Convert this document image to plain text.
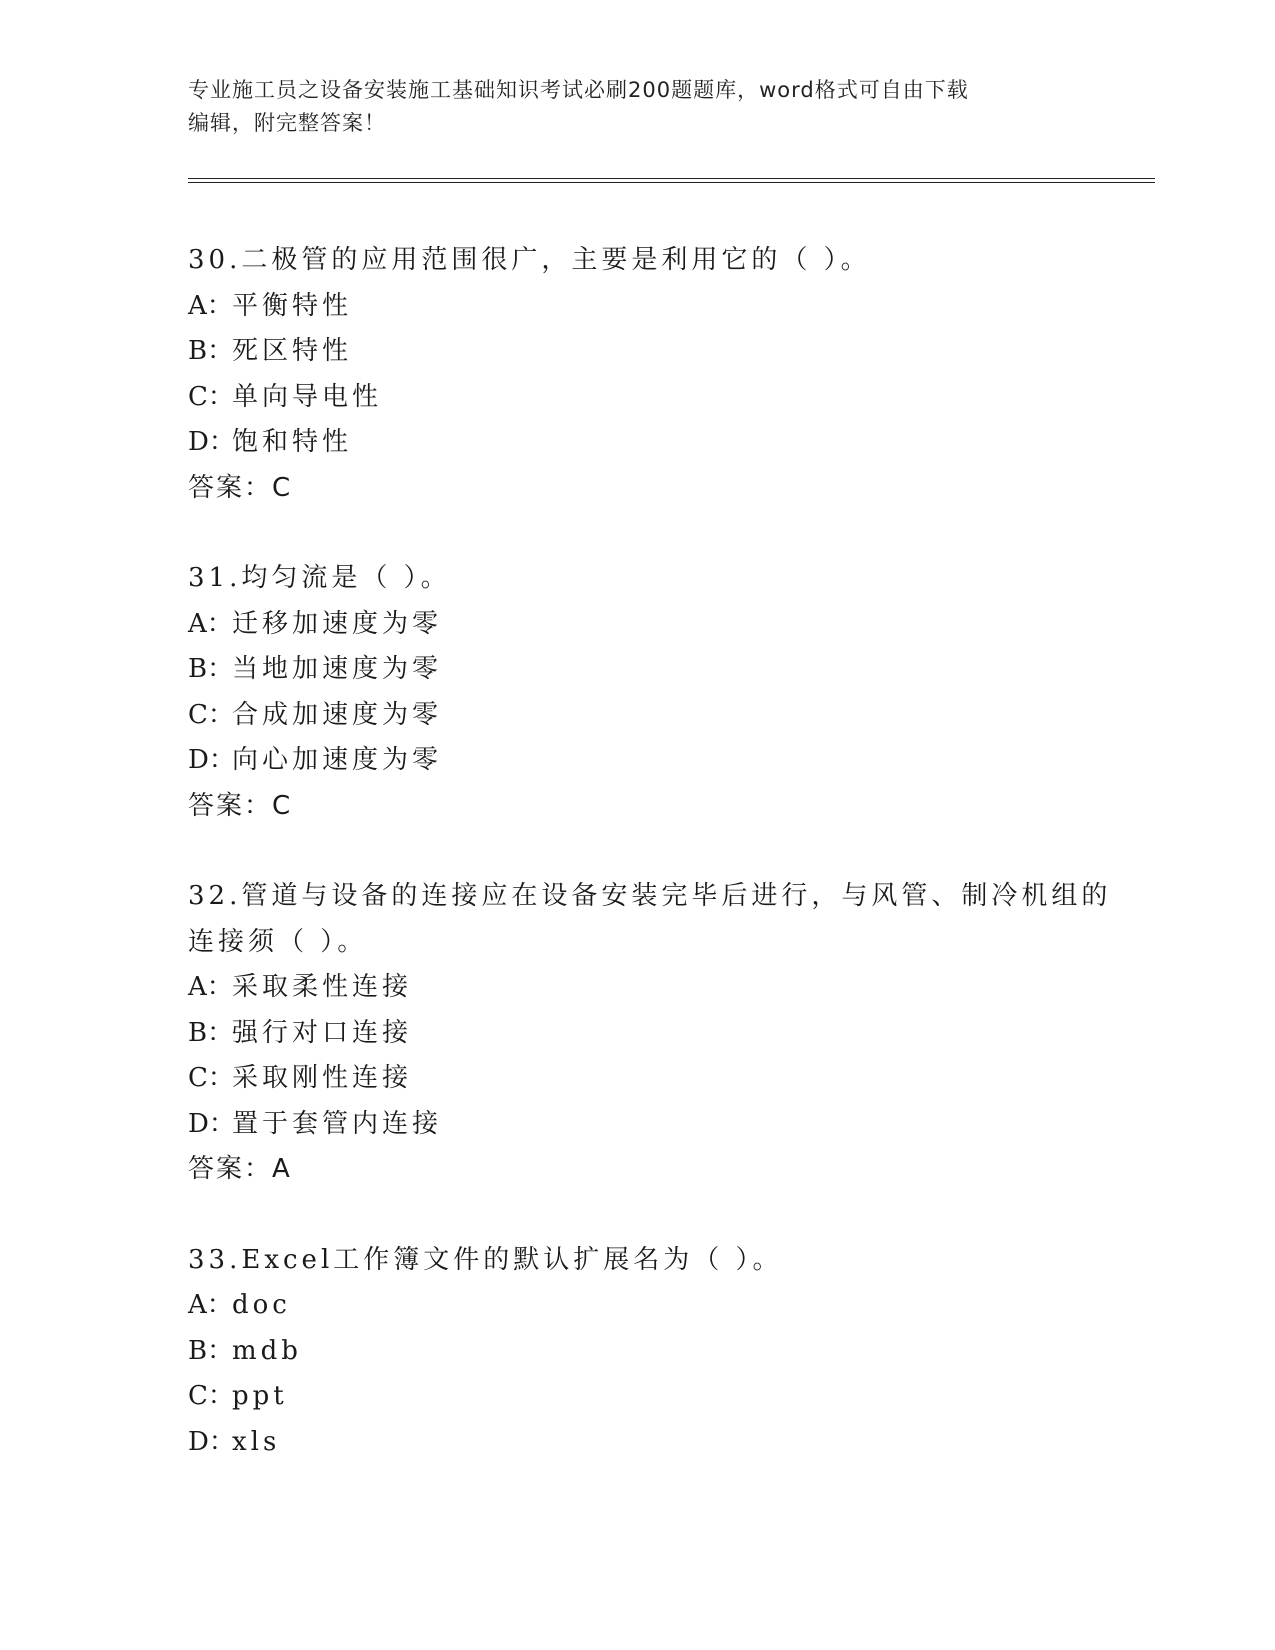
专业施工员之设备安装施工基础知识考试必刷200题题库，word格式可自由下载
编辑，附完整答案！
30.二极管的应用范围很广，主要是利用它的（ ）。
A：平衡特性
B：死区特性
C：单向导电性
D：饱和特性
答案：C
31.均匀流是（ ）。
A：迁移加速度为零
B：当地加速度为零
C：合成加速度为零
D：向心加速度为零
答案：C
32.管道与设备的连接应在设备安装完毕后进行，与风管、制冷机组的
连接须（ ）。
A：采取柔性连接
B：强行对口连接
C：采取刚性连接
D：置于套管内连接
答案：A
33.Excel工作簿文件的默认扩展名为（ ）。
A：doc
B：mdb
C：ppt
D：xls
